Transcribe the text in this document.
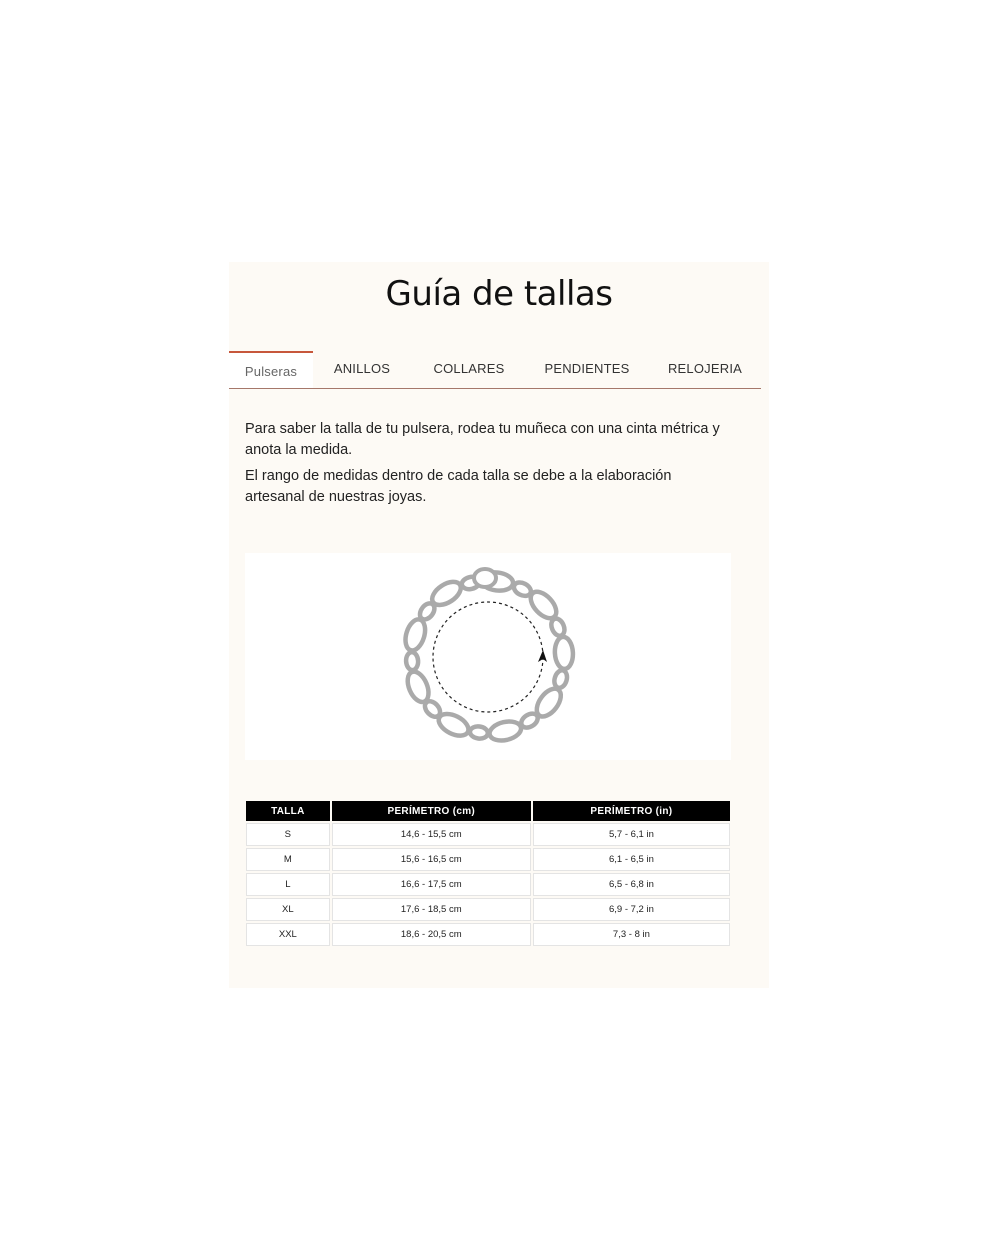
Guía de tallas
Pulseras	ANILLOS	COLLARES	PENDIENTES	RELOJERIA

Para saber la talla de tu pulsera, rodea tu muñeca con una cinta métrica y anota la medida.

El rango de medidas dentro de cada talla se debe a la elaboración artesanal de nuestras joyas.

TALLA	PERÍMETRO (cm)	PERÍMETRO (in)
S	14,6 - 15,5 cm	5,7 - 6,1 in
M	15,6 - 16,5 cm	6,1 - 6,5 in
L	16,6 - 17,5 cm	6,5 - 6,8 in
XL	17,6 - 18,5 cm	6,9 - 7,2 in
XXL	18,6 - 20,5 cm	7,3 - 8 in
